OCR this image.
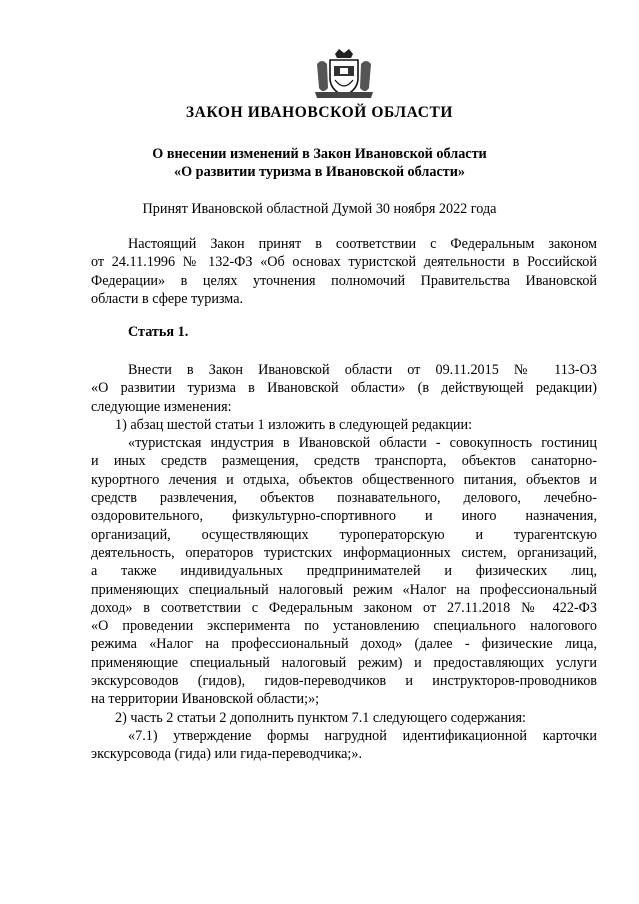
ЗАКОН ИВАНОВСКОЙ ОБЛАСТИ
О внесении изменений в Закон Ивановской области
«О развитии туризма в Ивановской области»
Принят Ивановской областной Думой 30 ноября 2022 года
Настоящий Закон принят в соответствии с Федеральным законом
от 24.11.1996 № 132-ФЗ «Об основах туристской деятельности в Российской
Федерации» в целях уточнения полномочий Правительства Ивановской
области в сфере туризма.
Статья 1.
Внести в Закон Ивановской области от 09.11.2015 № 113-ОЗ
«О развитии туризма в Ивановской области» (в действующей редакции)
следующие изменения:
1) абзац шестой статьи 1 изложить в следующей редакции:
«туристская индустрия в Ивановской области - совокупность гостиниц
и иных средств размещения, средств транспорта, объектов санаторно-
курортного лечения и отдыха, объектов общественного питания, объектов и
средств развлечения, объектов познавательного, делового, лечебно-
оздоровительного, физкультурно-спортивного и иного назначения,
организаций, осуществляющих туроператорскую и турагентскую
деятельность, операторов туристских информационных систем, организаций,
а также индивидуальных предпринимателей и физических лиц,
применяющих специальный налоговый режим «Налог на профессиональный
доход» в соответствии с Федеральным законом от 27.11.2018 № 422-ФЗ
«О проведении эксперимента по установлению специального налогового
режима «Налог на профессиональный доход» (далее - физические лица,
применяющие специальный налоговый режим) и предоставляющих услуги
экскурсоводов (гидов), гидов-переводчиков и инструкторов-проводников
на территории Ивановской области;»;
2) часть 2 статьи 2 дополнить пунктом 7.1 следующего содержания:
«7.1) утверждение формы нагрудной идентификационной карточки
экскурсовода (гида) или гида-переводчика;».
